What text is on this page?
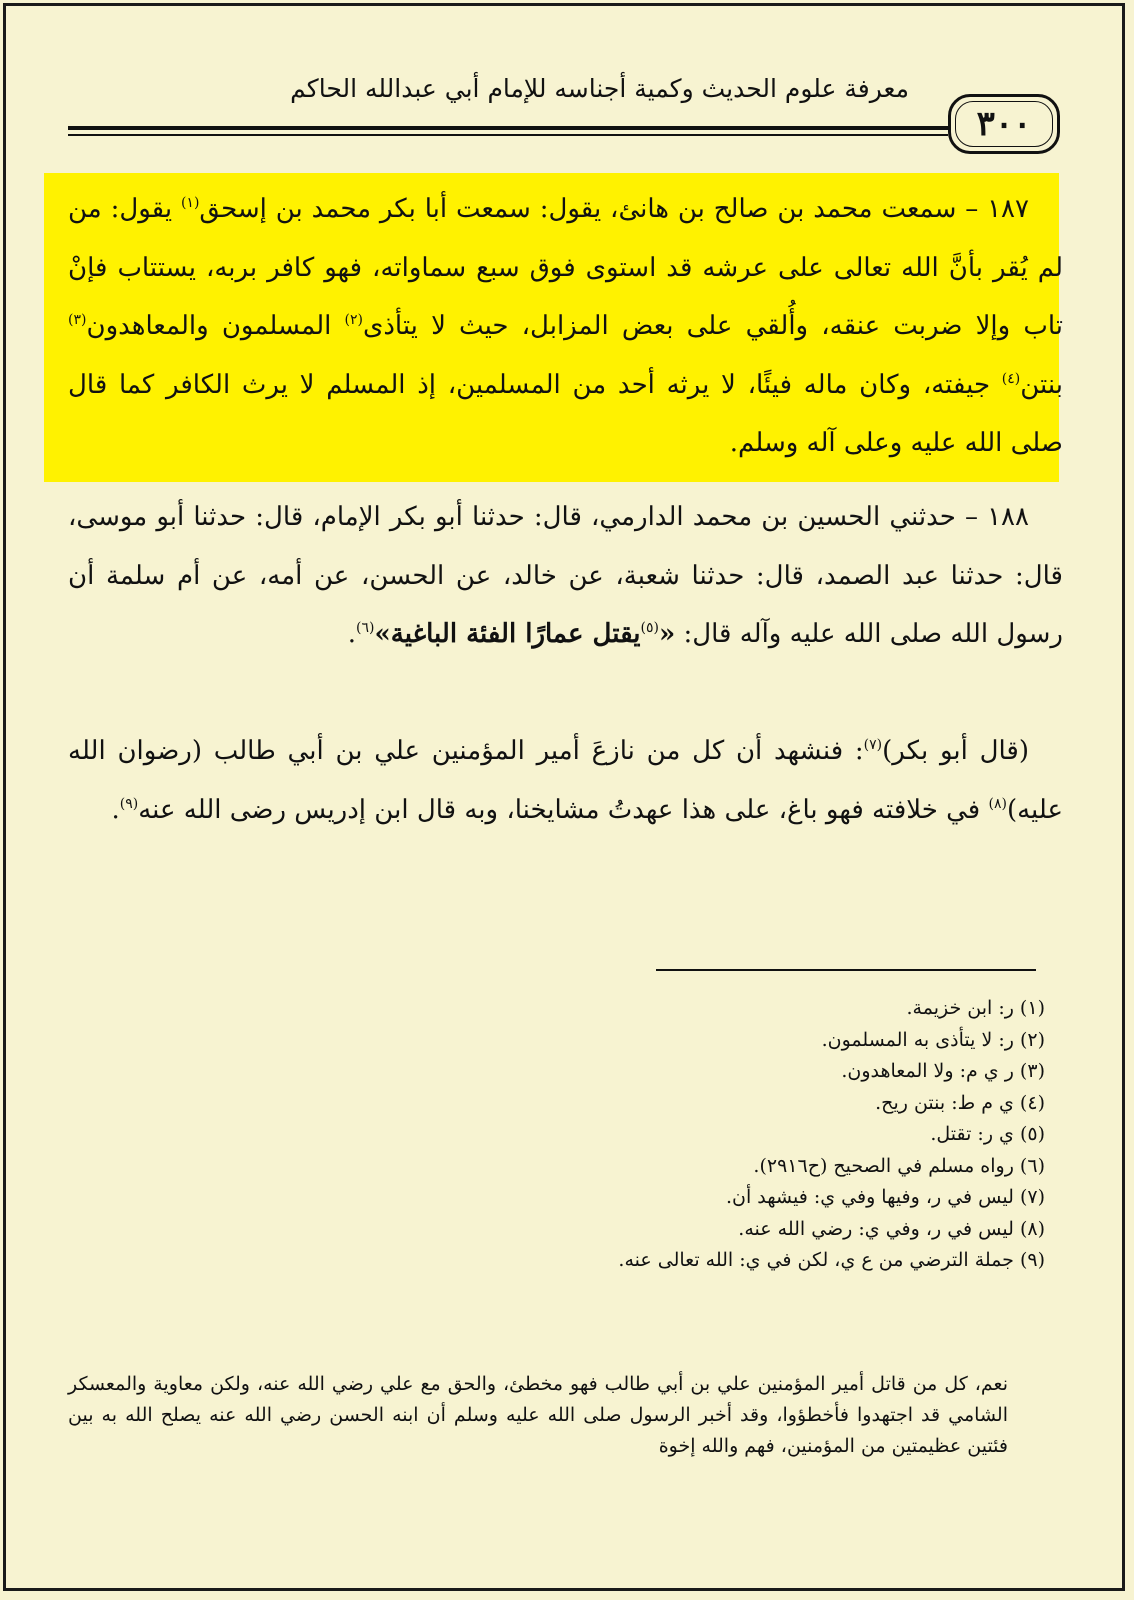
معرفة علوم الحديث وكمية أجناسه للإمام أبي عبدالله الحاكم
٣٠٠
١٨٧ – سمعت محمد بن صالح بن هانئ، يقول: سمعت أبا بكر محمد بن إسحق$^{(١)}$ يقول: من لم يُقر بأنَّ الله تعالى على عرشه قد استوى فوق سبع سماواته، فهو كافر بربه، يستتاب فإنْ تاب وإلا ضربت عنقه، وأُلقي على بعض المزابل، حيث لا يتأذى$^{(٢)}$ المسلمون والمعاهدون$^{(٣)}$ بنتن$^{(٤)}$ جيفته، وكان ماله فيئًا، لا يرثه أحد من المسلمين، إذ المسلم لا يرث الكافر كما قال صلى الله عليه وعلى آله وسلم.
١٨٨ – حدثني الحسين بن محمد الدارمي، قال: حدثنا أبو بكر الإمام، قال: حدثنا أبو موسى، قال: حدثنا عبد الصمد، قال: حدثنا شعبة، عن خالد، عن الحسن، عن أمه، عن أم سلمة أن رسول الله صلى الله عليه وآله قال: «$^{(٥)}$يقتل عمارًا الفئة الباغية»$^{(٦)}$.
(قال أبو بكر)$^{(٧)}$: فنشهد أن كل من نازعَ أمير المؤمنين علي بن أبي طالب (رضوان الله عليه)$^{(٨)}$ في خلافته فهو باغ، على هذا عهدتُ مشايخنا، وبه قال ابن إدريس رضى الله عنه$^{(٩)}$.
(١) ر: ابن خزيمة.
(٢) ر: لا يتأذى به المسلمون.
(٣) ر ي م: ولا المعاهدون.
(٤) ي م ط: بنتن ريح.
(٥) ي ر: تقتل.
(٦) رواه مسلم في الصحيح (ح٢٩١٦).
(٧) ليس في ر، وفيها وفي ي: فيشهد أن.
(٨) ليس في ر، وفي ي: رضي الله عنه.
(٩) جملة الترضي من ع ي، لكن في ي: الله تعالى عنه.
نعم، كل من قاتل أمير المؤمنين علي بن أبي طالب فهو مخطئ، والحق مع علي رضي الله عنه، ولكن معاوية والمعسكر الشامي قد اجتهدوا فأخطؤوا، وقد أخبر الرسول صلى الله عليه وسلم أن ابنه الحسن رضي الله عنه يصلح الله به بين فئتين عظيمتين من المؤمنين، فهم والله إخوة
